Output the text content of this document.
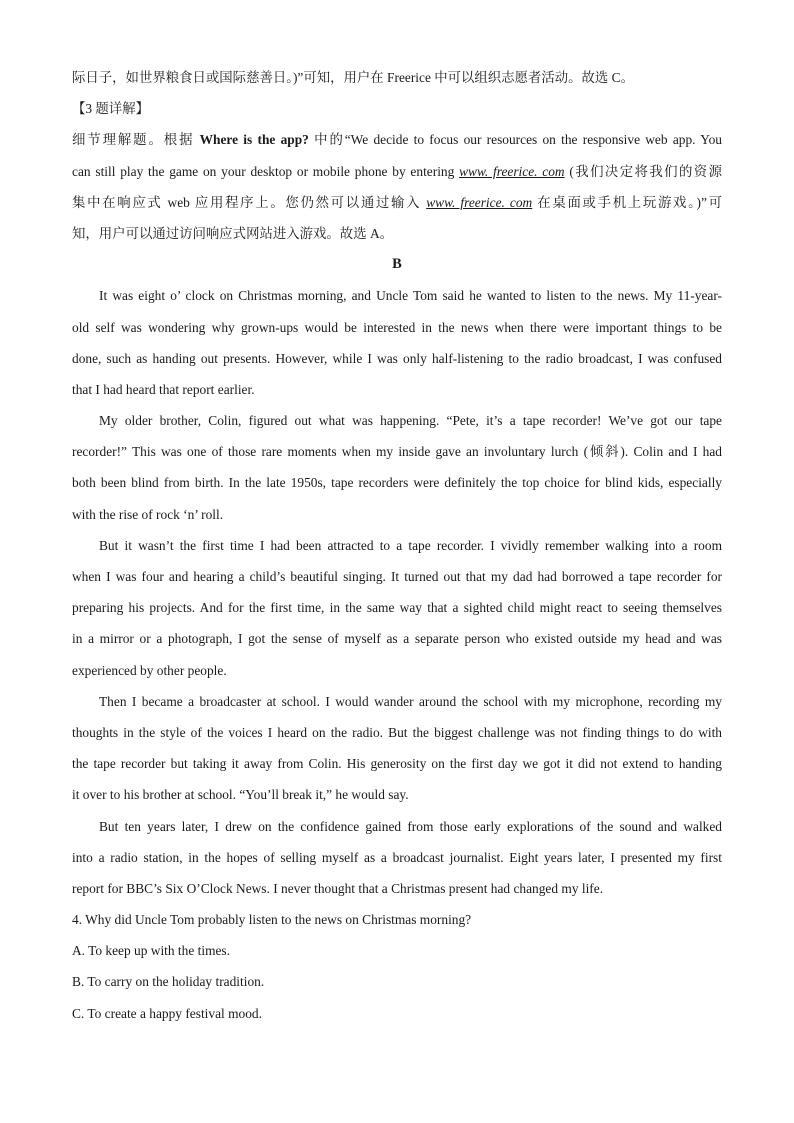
际日子，如世界粮食日或国际慈善日。)”可知，用户在 Freerice 中可以组织志愿者活动。故选 C。
【3 题详解】
细节理解题。根据 Where is the app? 中的“We decide to focus our resources on the responsive web app. You
can still play the game on your desktop or mobile phone by entering www. freerice. com (我们决定将我们的资源
集中在响应式 web 应用程序上。您仍然可以通过输入 www. freerice. com 在桌面或手机上玩游戏。)”可
知，用户可以通过访问响应式网站进入游戏。故选 A。
B
It was eight o’ clock on Christmas morning, and Uncle Tom said he wanted to listen to the news. My 11-year-
old self was wondering why grown-ups would be interested in the news when there were important things to be
done, such as handing out presents. However, while I was only half-listening to the radio broadcast, I was confused
that I had heard that report earlier.
My older brother, Colin, figured out what was happening. “Pete, it’s a tape recorder! We’ve got our tape
recorder!” This was one of those rare moments when my inside gave an involuntary lurch (倾斜). Colin and I had
both been blind from birth. In the late 1950s, tape recorders were definitely the top choice for blind kids, especially
with the rise of rock ‘n’ roll.
But it wasn’t the first time I had been attracted to a tape recorder. I vividly remember walking into a room
when I was four and hearing a child’s beautiful singing. It turned out that my dad had borrowed a tape recorder for
preparing his projects. And for the first time, in the same way that a sighted child might react to seeing themselves
in a mirror or a photograph, I got the sense of myself as a separate person who existed outside my head and was
experienced by other people.
Then I became a broadcaster at school. I would wander around the school with my microphone, recording my
thoughts in the style of the voices I heard on the radio. But the biggest challenge was not finding things to do with
the tape recorder but taking it away from Colin. His generosity on the first day we got it did not extend to handing
it over to his brother at school. “You’ll break it,” he would say.
But ten years later, I drew on the confidence gained from those early explorations of the sound and walked
into a radio station, in the hopes of selling myself as a broadcast journalist. Eight years later, I presented my first
report for BBC’s Six O’Clock News. I never thought that a Christmas present had changed my life.
4. Why did Uncle Tom probably listen to the news on Christmas morning?
A. To keep up with the times.
B. To carry on the holiday tradition.
C. To create a happy festival mood.
